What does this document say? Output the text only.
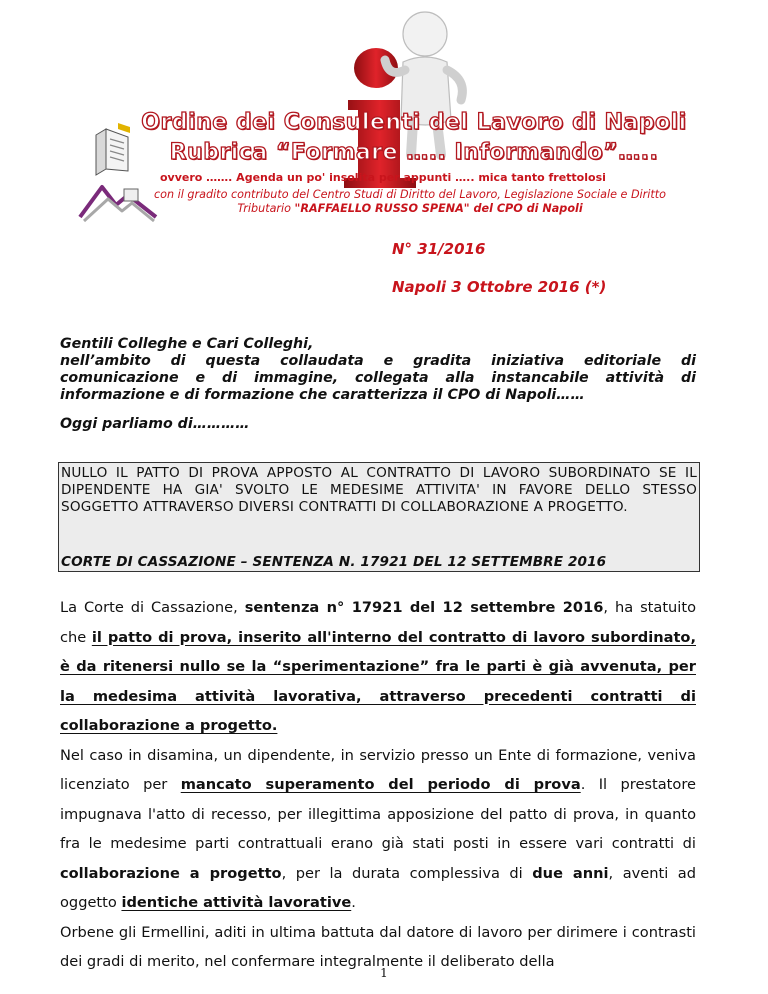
Ordine dei Consulenti del Lavoro di Napoli
Rubrica “Formare ….. Informando”…..
ovvero ……. Agenda un po' insolita per appunti ….. mica tanto frettolosi
con il gradito contributo del Centro Studi di Diritto del Lavoro, Legislazione Sociale e Diritto Tributario "RAFFAELLO RUSSO SPENA" del CPO di Napoli
N° 31/2016
Napoli 3 Ottobre 2016 (*)
Gentili Colleghe e Cari Colleghi,
nell’ambito di questa collaudata e gradita iniziativa editoriale di comunicazione e di immagine, collegata alla instancabile attività di informazione e di formazione che caratterizza il CPO di Napoli……
Oggi parliamo di…………
NULLO IL PATTO DI PROVA APPOSTO AL CONTRATTO DI LAVORO SUBORDINATO SE IL DIPENDENTE HA GIA' SVOLTO LE MEDESIME ATTIVITA' IN FAVORE DELLO STESSO SOGGETTO ATTRAVERSO DIVERSI CONTRATTI DI COLLABORAZIONE A PROGETTO.
CORTE DI CASSAZIONE – SENTENZA N. 17921 DEL 12 SETTEMBRE 2016

La Corte di Cassazione, sentenza n° 17921 del 12 settembre 2016, ha statuito che il patto di prova, inserito all'interno del contratto di lavoro subordinato, è da ritenersi nullo se la “sperimentazione” fra le parti è già avvenuta, per la medesima attività lavorativa, attraverso precedenti contratti di collaborazione a progetto.

Nel caso in disamina, un dipendente, in servizio presso un Ente di formazione, veniva licenziato per mancato superamento del periodo di prova. Il prestatore impugnava l'atto di recesso, per illegittima apposizione del patto di prova, in quanto fra le medesime parti contrattuali erano già stati posti in essere vari contratti di collaborazione a progetto, per la durata complessiva di due anni, aventi ad oggetto identiche attività lavorative.

Orbene gli Ermellini, aditi in ultima battuta dal datore di lavoro per dirimere i contrasti dei gradi di merito, nel confermare integralmente il deliberato della

1
